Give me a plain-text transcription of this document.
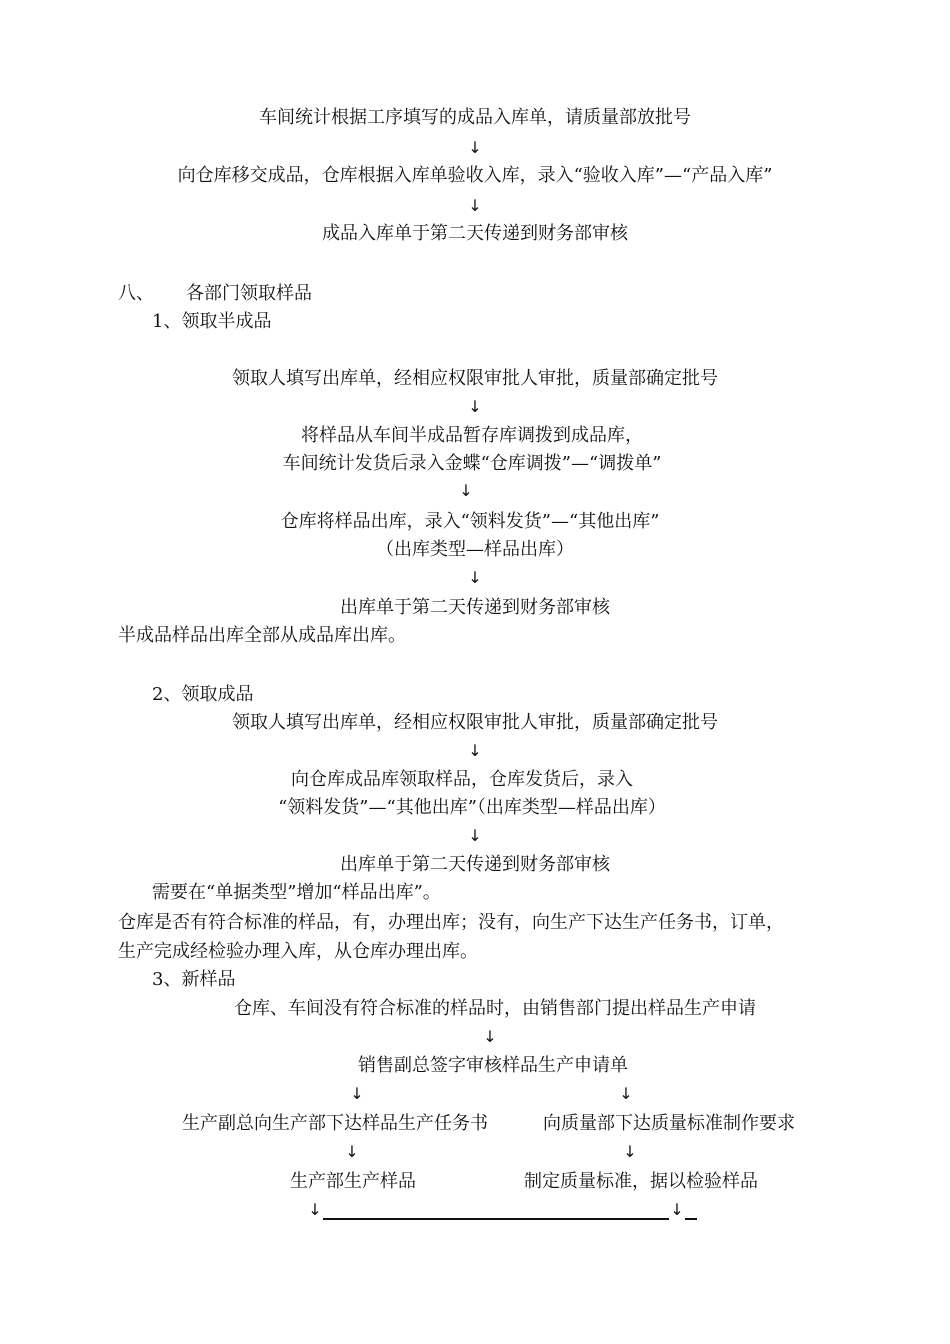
车间统计根据工序填写的成品入库单，请质量部放批号
↓
向仓库移交成品，仓库根据入库单验收入库，录入“验收入库”—“产品入库”
↓
成品入库单于第二天传递到财务部审核
八、 各部门领取样品
1、领取半成品
领取人填写出库单，经相应权限审批人审批，质量部确定批号
↓
将样品从车间半成品暂存库调拨到成品库，
车间统计发货后录入金蝶“仓库调拨”—“调拨单”
↓
仓库将样品出库，录入“领料发货”—“其他出库”
（出库类型—样品出库）
↓
出库单于第二天传递到财务部审核
半成品样品出库全部从成品库出库。
2、领取成品
领取人填写出库单，经相应权限审批人审批，质量部确定批号
↓
向仓库成品库领取样品，仓库发货后，录入
“领料发货”—“其他出库”（出库类型—样品出库）
↓
出库单于第二天传递到财务部审核
需要在“单据类型”增加“样品出库”。
仓库是否有符合标准的样品，有，办理出库；没有，向生产下达生产任务书，订单，
生产完成经检验办理入库，从仓库办理出库。
3、新样品
仓库、车间没有符合标准的样品时，由销售部门提出样品生产申请
↓
销售副总签字审核样品生产申请单
↓	↓
生产副总向生产部下达样品生产任务书	向质量部下达质量标准制作要求
↓	↓
生产部生产样品	制定质量标准，据以检验样品
↓	↓
